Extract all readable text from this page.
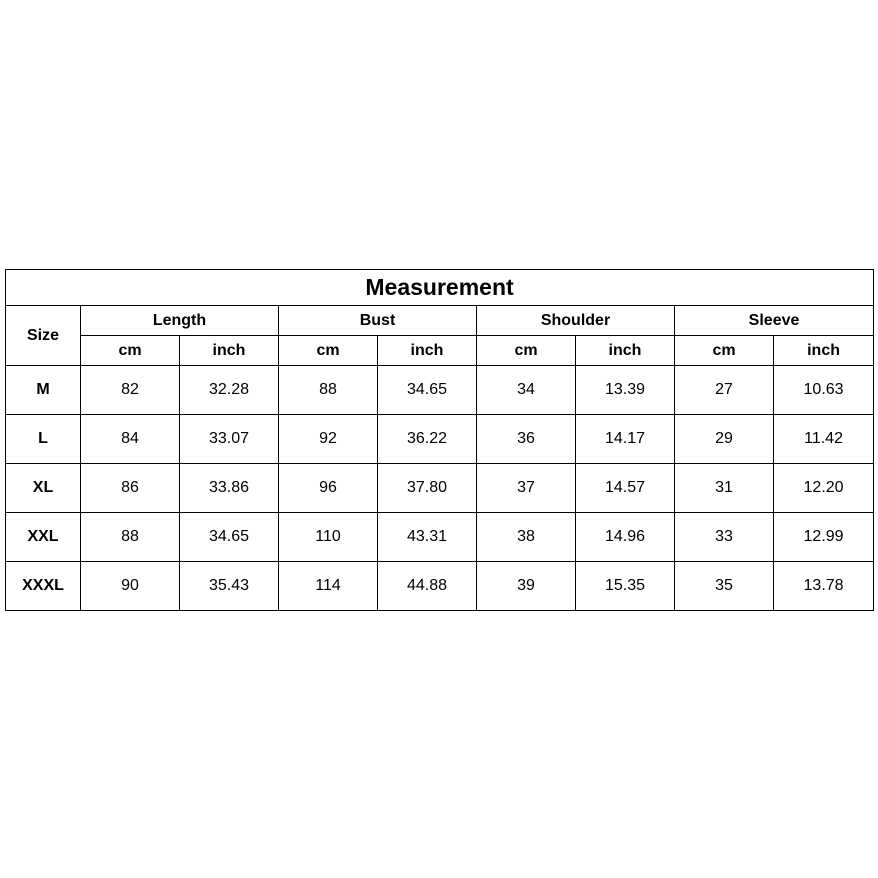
Measurement								
Size	Length		Bust		Shoulder		Sleeve	
	cm	inch	cm	inch	cm	inch	cm	inch
M	82	32.28	88	34.65	34	13.39	27	10.63
L	84	33.07	92	36.22	36	14.17	29	11.42
XL	86	33.86	96	37.80	37	14.57	31	12.20
XXL	88	34.65	110	43.31	38	14.96	33	12.99
XXXL	90	35.43	114	44.88	39	15.35	35	13.78
